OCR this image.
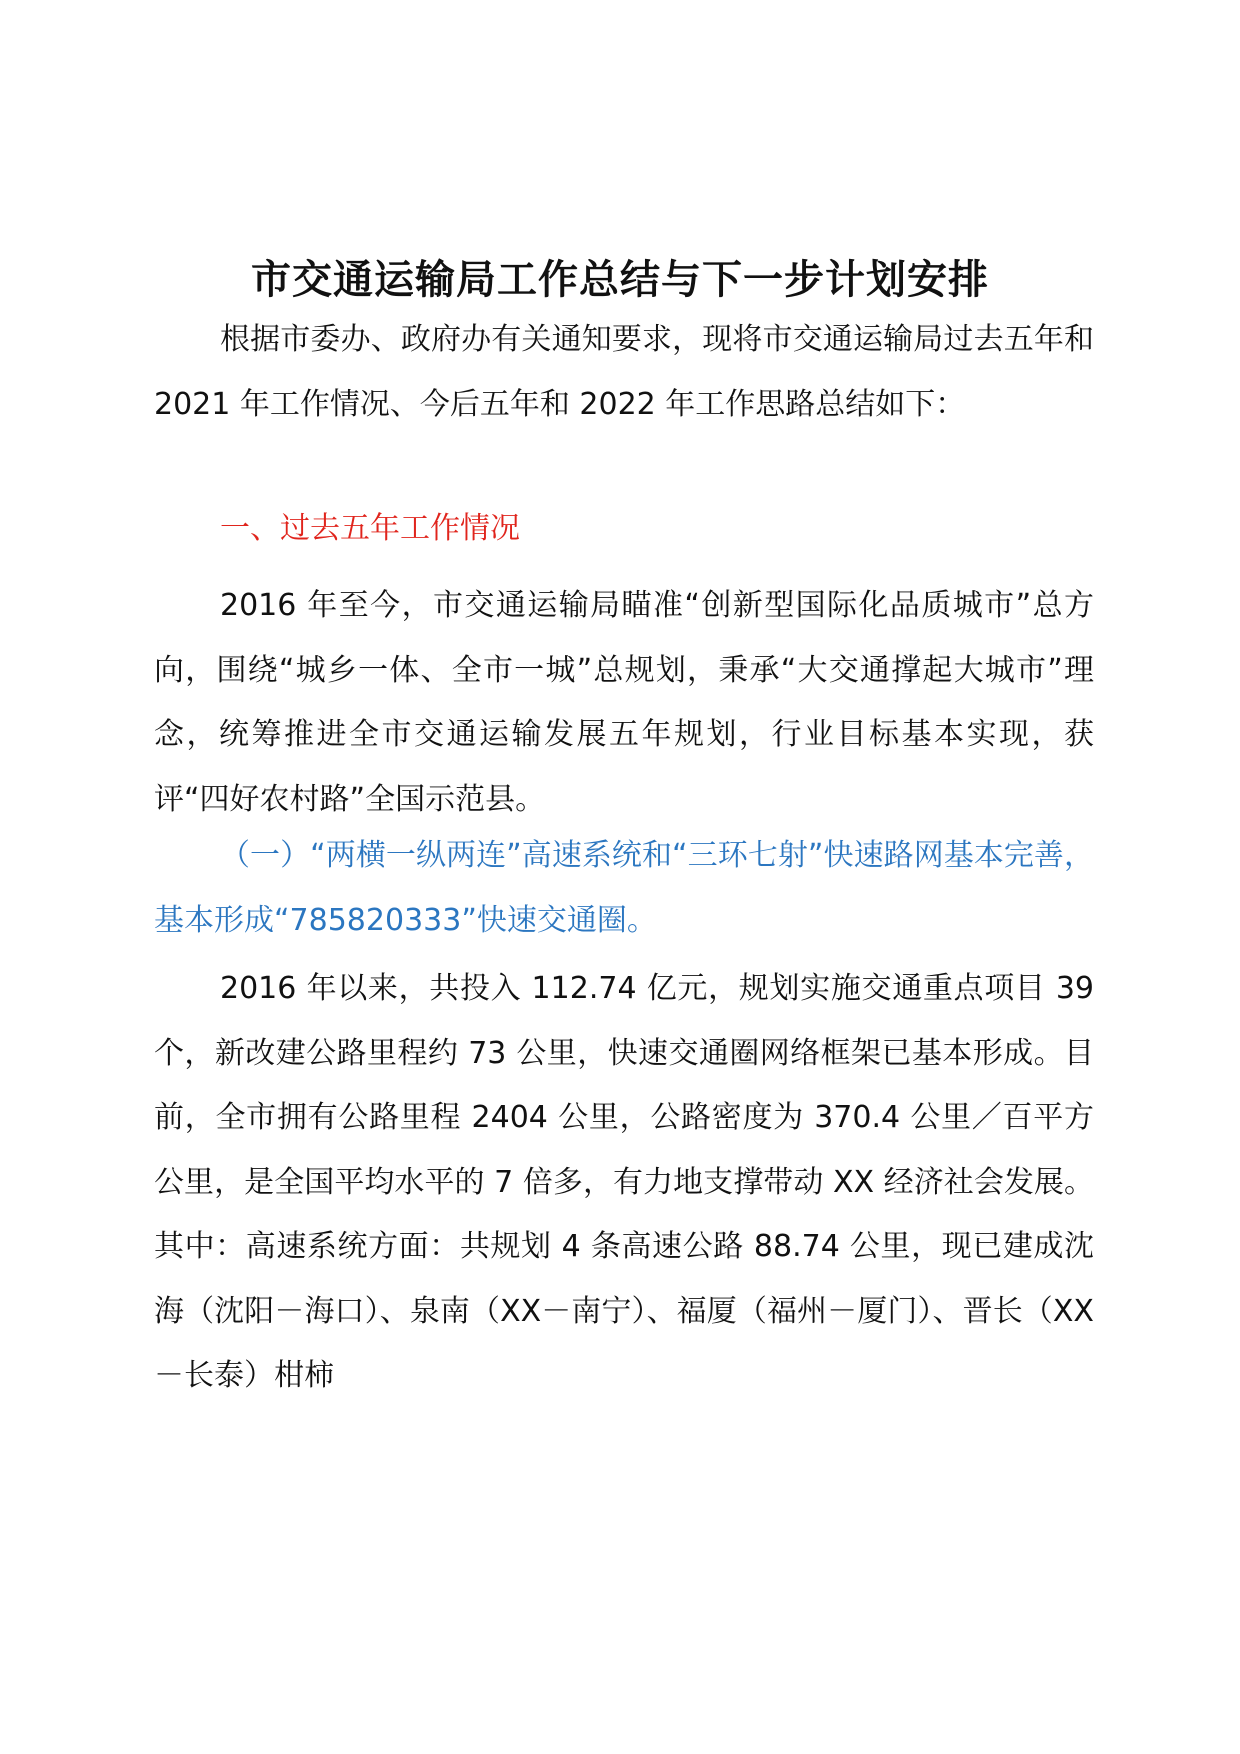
市交通运输局工作总结与下一步计划安排

根据市委办、政府办有关通知要求，现将市交通运输局过去五年和 2021 年工作情况、今后五年和 2022 年工作思路总结如下：

一、过去五年工作情况

2016 年至今，市交通运输局瞄准“创新型国际化品质城市”总方向，围绕“城乡一体、全市一城”总规划，秉承“大交通撑起大城市”理念，统筹推进全市交通运输发展五年规划，行业目标基本实现，获评“四好农村路”全国示范县。

（一）“两横一纵两连”高速系统和“三环七射”快速路网基本完善，基本形成“785820333”快速交通圈。

2016 年以来，共投入 112.74 亿元，规划实施交通重点项目 39 个，新改建公路里程约 73 公里，快速交通圈网络框架已基本形成。目前，全市拥有公路里程 2404 公里，公路密度为 370.4 公里／百平方公里，是全国平均水平的 7 倍多，有力地支撑带动 XX 经济社会发展。其中：高速系统方面：共规划 4 条高速公路 88.74 公里，现已建成沈海（沈阳－海口）、泉南（XX－南宁）、福厦（福州－厦门）、晋长（XX－长泰）柑柿
